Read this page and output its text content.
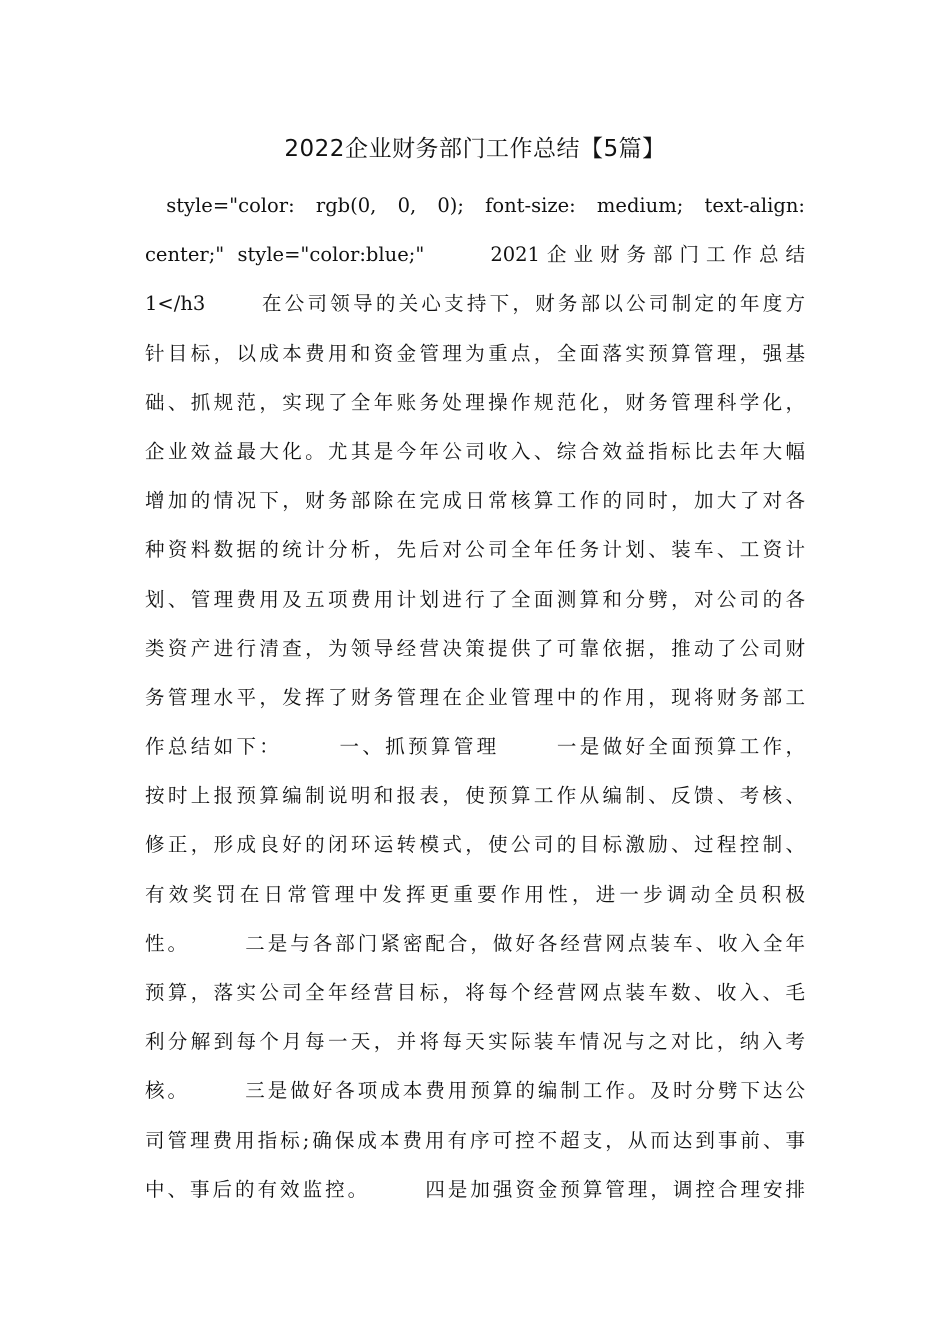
2022企业财务部门工作总结【5篇】
style="color: rgb(0, 0, 0); font-size: medium; text-align:
center;" style="color:blue;"     2021企业财务部门工作总结
1</h3      在公司领导的关心支持下，财务部以公司制定的年度方
针目标，以成本费用和资金管理为重点，全面落实预算管理，强基
础、抓规范，实现了全年账务处理操作规范化，财务管理科学化，
企业效益最大化。尤其是今年公司收入、综合效益指标比去年大幅
增加的情况下，财务部除在完成日常核算工作的同时，加大了对各
种资料数据的统计分析，先后对公司全年任务计划、装车、工资计
划、管理费用及五项费用计划进行了全面测算和分劈，对公司的各
类资产进行清查，为领导经营决策提供了可靠依据，推动了公司财
务管理水平，发挥了财务管理在企业管理中的作用，现将财务部工
作总结如下：      一、抓预算管理      一是做好全面预算工作，
按时上报预算编制说明和报表，使预算工作从编制、反馈、考核、
修正，形成良好的闭环运转模式，使公司的目标激励、过程控制、
有效奖罚在日常管理中发挥更重要作用性，进一步调动全员积极
性。      二是与各部门紧密配合，做好各经营网点装车、收入全年
预算，落实公司全年经营目标，将每个经营网点装车数、收入、毛
利分解到每个月每一天，并将每天实际装车情况与之对比，纳入考
核。      三是做好各项成本费用预算的编制工作。及时分劈下达公
司管理费用指标;确保成本费用有序可控不超支，从而达到事前、事
中、事后的有效监控。      四是加强资金预算管理，调控合理安排
